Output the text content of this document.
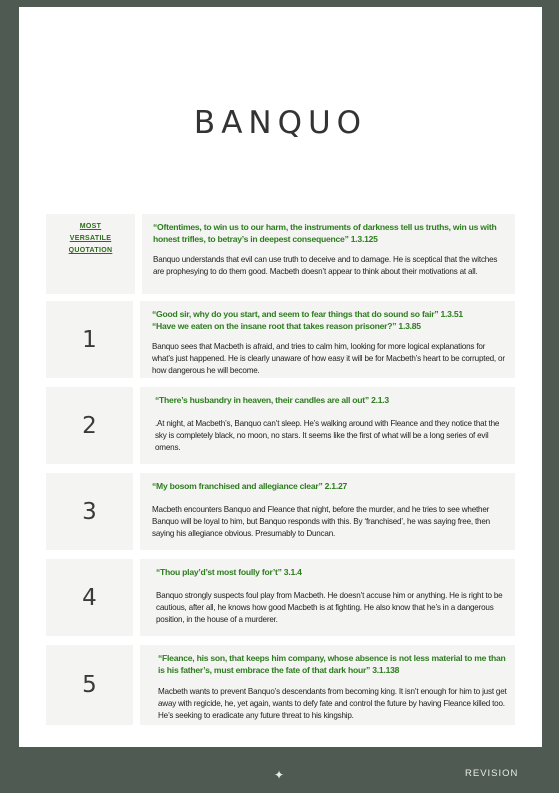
BANQUO
MOST
VERSATILE
QUOTATION
“Oftentimes, to win us to our harm, the instruments of darkness tell us truths, win us with honest trifles, to betray’s in deepest consequence” 1.3.125
Banquo understands that evil can use truth to deceive and to damage. He is sceptical that the witches are prophesying to do them good. Macbeth doesn’t appear to think about their motivations at all.
1
“Good sir, why do you start, and seem to fear things that do sound so fair” 1.3.51
“Have we eaten on the insane root that takes reason prisoner?” 1.3.85
Banquo sees that Macbeth is afraid, and tries to calm him, looking for more logical explanations for what’s just happened. He is clearly unaware of how easy it will be for Macbeth’s heart to be corrupted, or how dangerous he will become.
2
“There’s husbandry in heaven, their candles are all out” 2.1.3
.At night, at Macbeth’s, Banquo can’t sleep. He’s walking around with Fleance and they notice that the sky is completely black, no moon, no stars. It seems like the first of what will be a long series of evil omens.
3
“My bosom franchised and allegiance clear” 2.1.27
Macbeth encounters Banquo and Fleance that night, before the murder, and he tries to see whether Banquo will be loyal to him, but Banquo responds with this. By ‘franchised’, he was saying free, then saying his allegiance obvious. Presumably to Duncan.
4
“Thou play’d’st most foully for’t” 3.1.4
Banquo strongly suspects foul play from Macbeth. He doesn’t accuse him or anything. He is right to be cautious, after all, he knows how good Macbeth is at fighting. He also know that he’s in a dangerous position, in the house of a murderer.
5
“Fleance, his son, that keeps him company, whose absence is not less material to me than is his father’s, must embrace the fate of that dark hour” 3.1.138
Macbeth wants to prevent Banquo’s descendants from becoming king. It isn’t enough for him to just get away with regicide, he, yet again, wants to defy fate and control the future by having Fleance killed too. He’s seeking to eradicate any future threat to his kingship.
✦	REVISION
